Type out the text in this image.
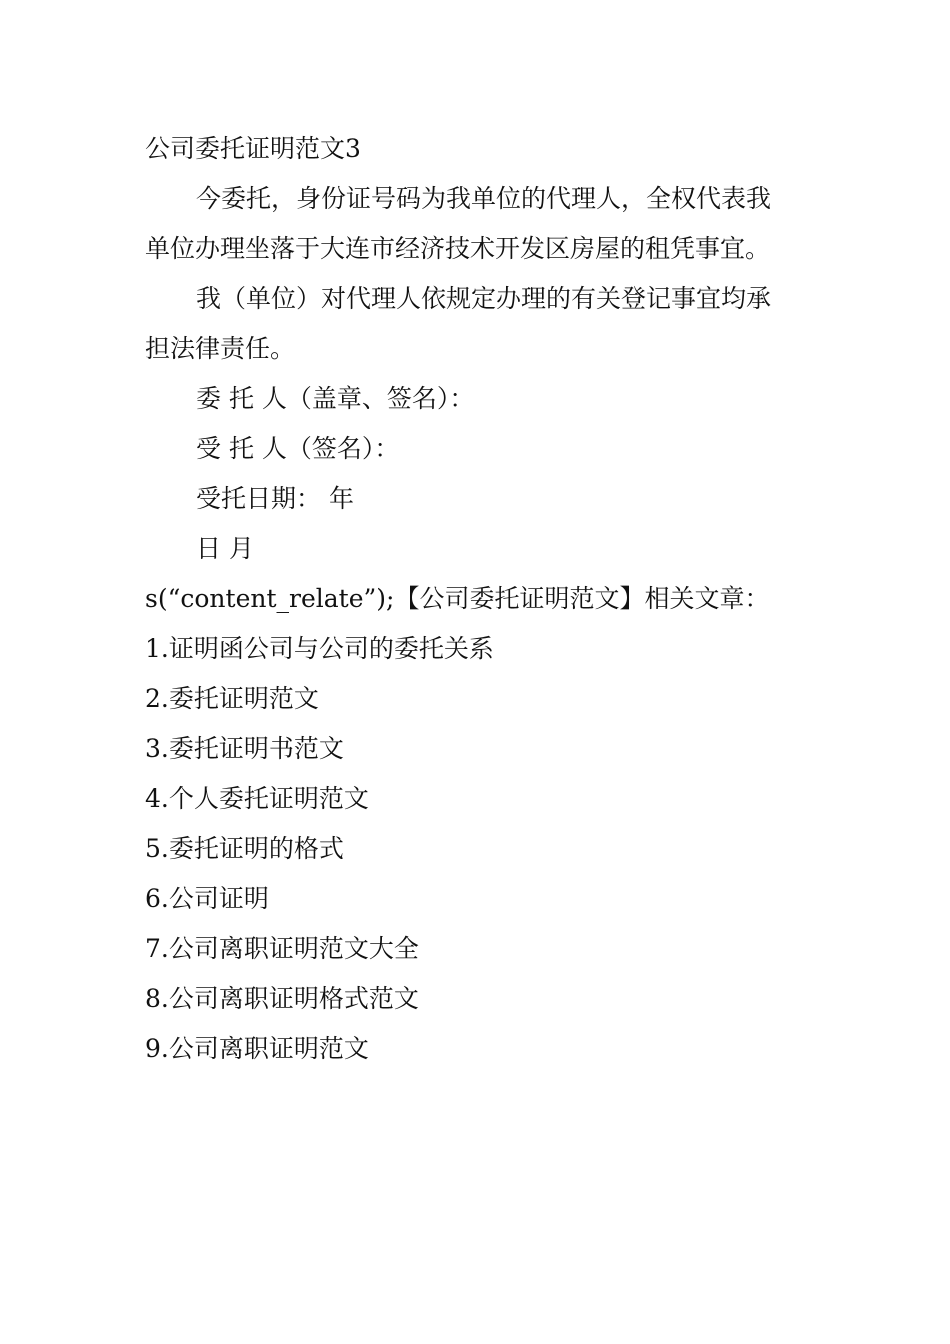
公司委托证明范文3
今委托，身份证号码为我单位的代理人，全权代表我
单位办理坐落于大连市经济技术开发区房屋的租凭事宜。
我（单位）对代理人依规定办理的有关登记事宜均承
担法律责任。
委 托 人（盖章、签名）：
受 托 人（签名）：
受托日期： 年
日 月
s(“content_relate”);【公司委托证明范文】相关文章：
1.证明函公司与公司的委托关系
2.委托证明范文
3.委托证明书范文
4.个人委托证明范文
5.委托证明的格式
6.公司证明
7.公司离职证明范文大全
8.公司离职证明格式范文
9.公司离职证明范文
